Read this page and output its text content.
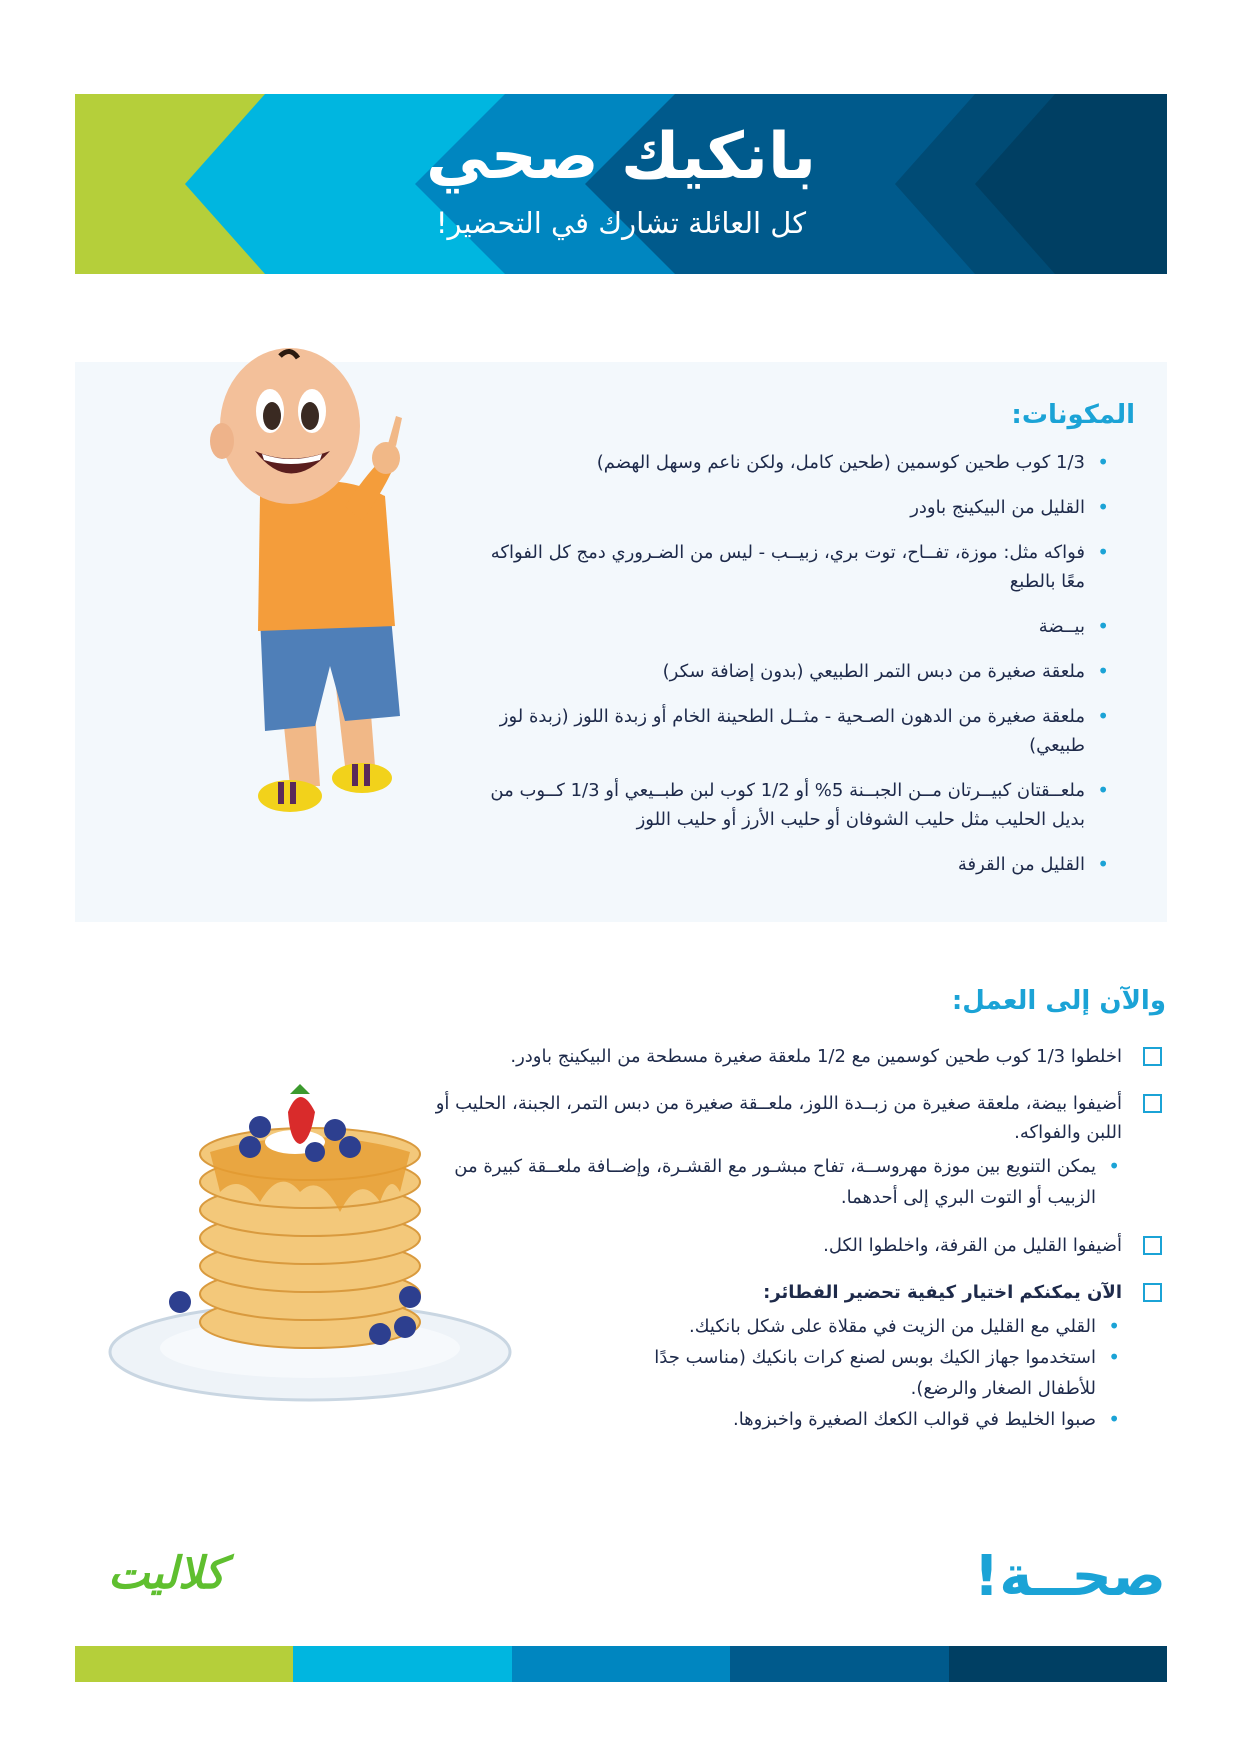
بانكيك صحي

كل العائلة تشارك في التحضير!

المكونات:
• 1/3 كوب طحين كوسمين (طحين كامل، ولكن ناعم وسهل الهضم)
• القليل من البيكينج باودر
• فواكه مثل: موزة، تفــاح، توت بري، زبيــب - ليس من الضـروري دمج كل الفواكه معًا بالطبع
• بيــضة
• ملعقة صغيرة من دبس التمر الطبيعي (بدون إضافة سكر)
• ملعقة صغيرة من الدهون الصـحية - مثــل الطحينة الخام أو زبدة اللوز (زبدة لوز طبيعي)
• ملعــقتان كبيــرتان مــن الجبــنة 5% أو 1/2 كوب لبن طبــيعي أو 1/3 كــوب من بديل الحليب مثل حليب الشوفان أو حليب الأرز أو حليب اللوز
• القليل من القرفة
والآن إلى العمل:
اخلطوا 1/3 كوب طحين كوسمين مع 1/2 ملعقة صغيرة مسطحة من البيكينج باودر.
أضيفوا بيضة، ملعقة صغيرة من زبــدة اللوز، ملعــقة صغيرة من دبس التمر، الجبنة، الحليب أو اللبن والفواكه.
• يمكن التنويع بين موزة مهروســة، تفاح مبشـور مع القشـرة، وإضــافة ملعــقة كبيرة من الزبيب أو التوت البري إلى أحدهما.
أضيفوا القليل من القرفة، واخلطوا الكل.
الآن يمكنكم اختيار كيفية تحضير الفطائر:
• القلي مع القليل من الزيت في مقلاة على شكل بانكيك.
• استخدموا جهاز الكيك بوبس لصنع كرات بانكيك (مناسب جدًا للأطفال الصغار والرضع).
• صبوا الخليط في قوالب الكعك الصغيرة واخبزوها.
كلاليت	صحــة!
